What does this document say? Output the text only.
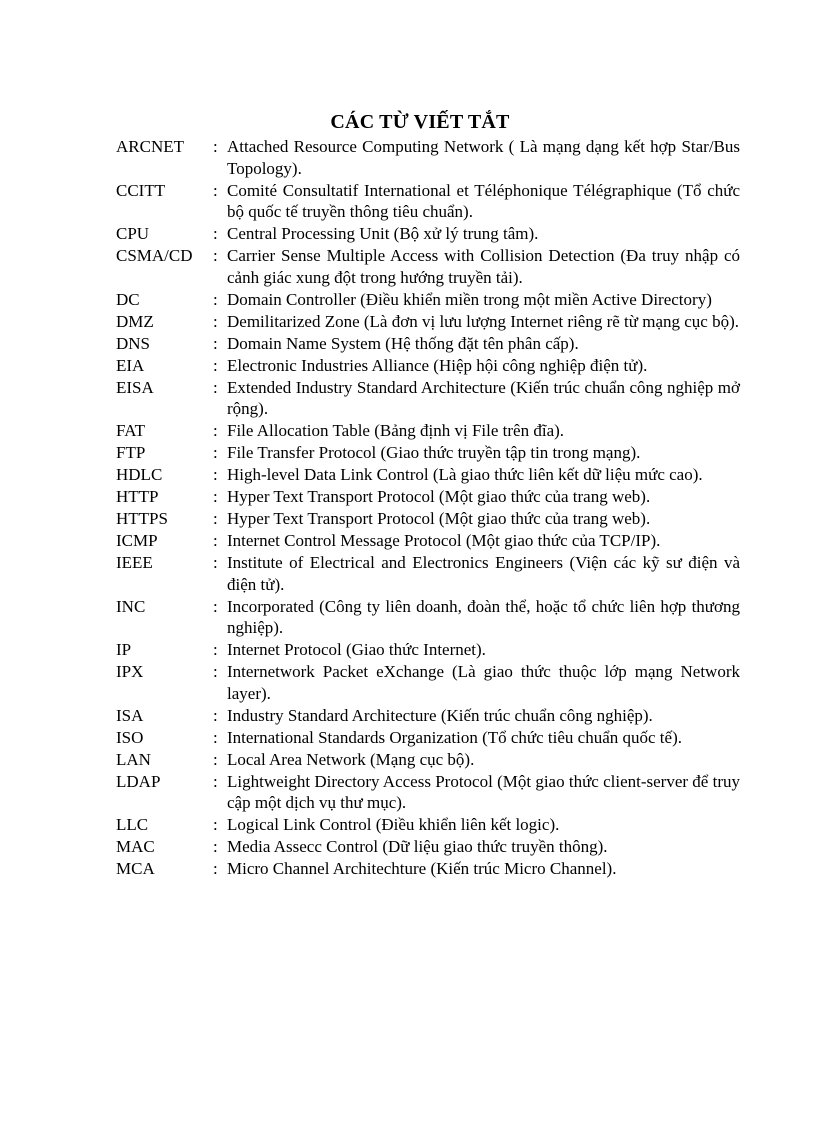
CÁC TỪ VIẾT TẮT
ARCNET	: Attached Resource Computing Network ( Là mạng dạng kết hợp Star/Bus Topology).
CCITT	: Comité Consultatif International et Téléphonique Télégraphique (Tổ chức bộ quốc tế truyền thông tiêu chuẩn).
CPU	: Central Processing Unit (Bộ xử lý trung tâm).
CSMA/CD	: Carrier Sense Multiple Access with Collision Detection (Đa truy nhập có cảnh giác xung đột trong hướng truyền tải).
DC	: Domain Controller (Điều khiển miền trong một miền Active Directory)
DMZ	: Demilitarized Zone (Là đơn vị lưu lượng Internet riêng rẽ từ mạng cục bộ).
DNS	: Domain Name System (Hệ thống đặt tên phân cấp).
EIA	: Electronic Industries Alliance (Hiệp hội công nghiệp điện tử).
EISA	: Extended Industry Standard Architecture (Kiến trúc chuẩn công nghiệp mở rộng).
FAT	: File Allocation Table (Bảng định vị File trên đĩa).
FTP	: File Transfer Protocol (Giao thức truyền tập tin trong mạng).
HDLC	: High-level Data Link Control (Là giao thức liên kết dữ liệu mức cao).
HTTP	: Hyper Text Transport Protocol (Một giao thức của trang web).
HTTPS	: Hyper Text Transport Protocol (Một giao thức của trang web).
ICMP	: Internet Control Message Protocol (Một giao thức của TCP/IP).
IEEE	: Institute of Electrical and Electronics Engineers (Viện các kỹ sư điện và điện tử).
INC	: Incorporated (Công ty liên doanh, đoàn thể, hoặc tổ chức liên hợp thương nghiệp).
IP	: Internet Protocol (Giao thức Internet).
IPX	: Internetwork Packet eXchange (Là giao thức thuộc lớp mạng Network layer).
ISA	: Industry Standard Architecture (Kiến trúc chuẩn công nghiệp).
ISO	: International Standards Organization (Tổ chức tiêu chuẩn quốc tế).
LAN	: Local Area Network (Mạng cục bộ).
LDAP	: Lightweight Directory Access Protocol (Một giao thức client-server để truy cập một dịch vụ thư mục).
LLC	: Logical Link Control (Điều khiển liên kết logic).
MAC	: Media Assecc Control (Dữ liệu giao thức truyền thông).
MCA	: Micro Channel Architechture (Kiến trúc Micro Channel).
